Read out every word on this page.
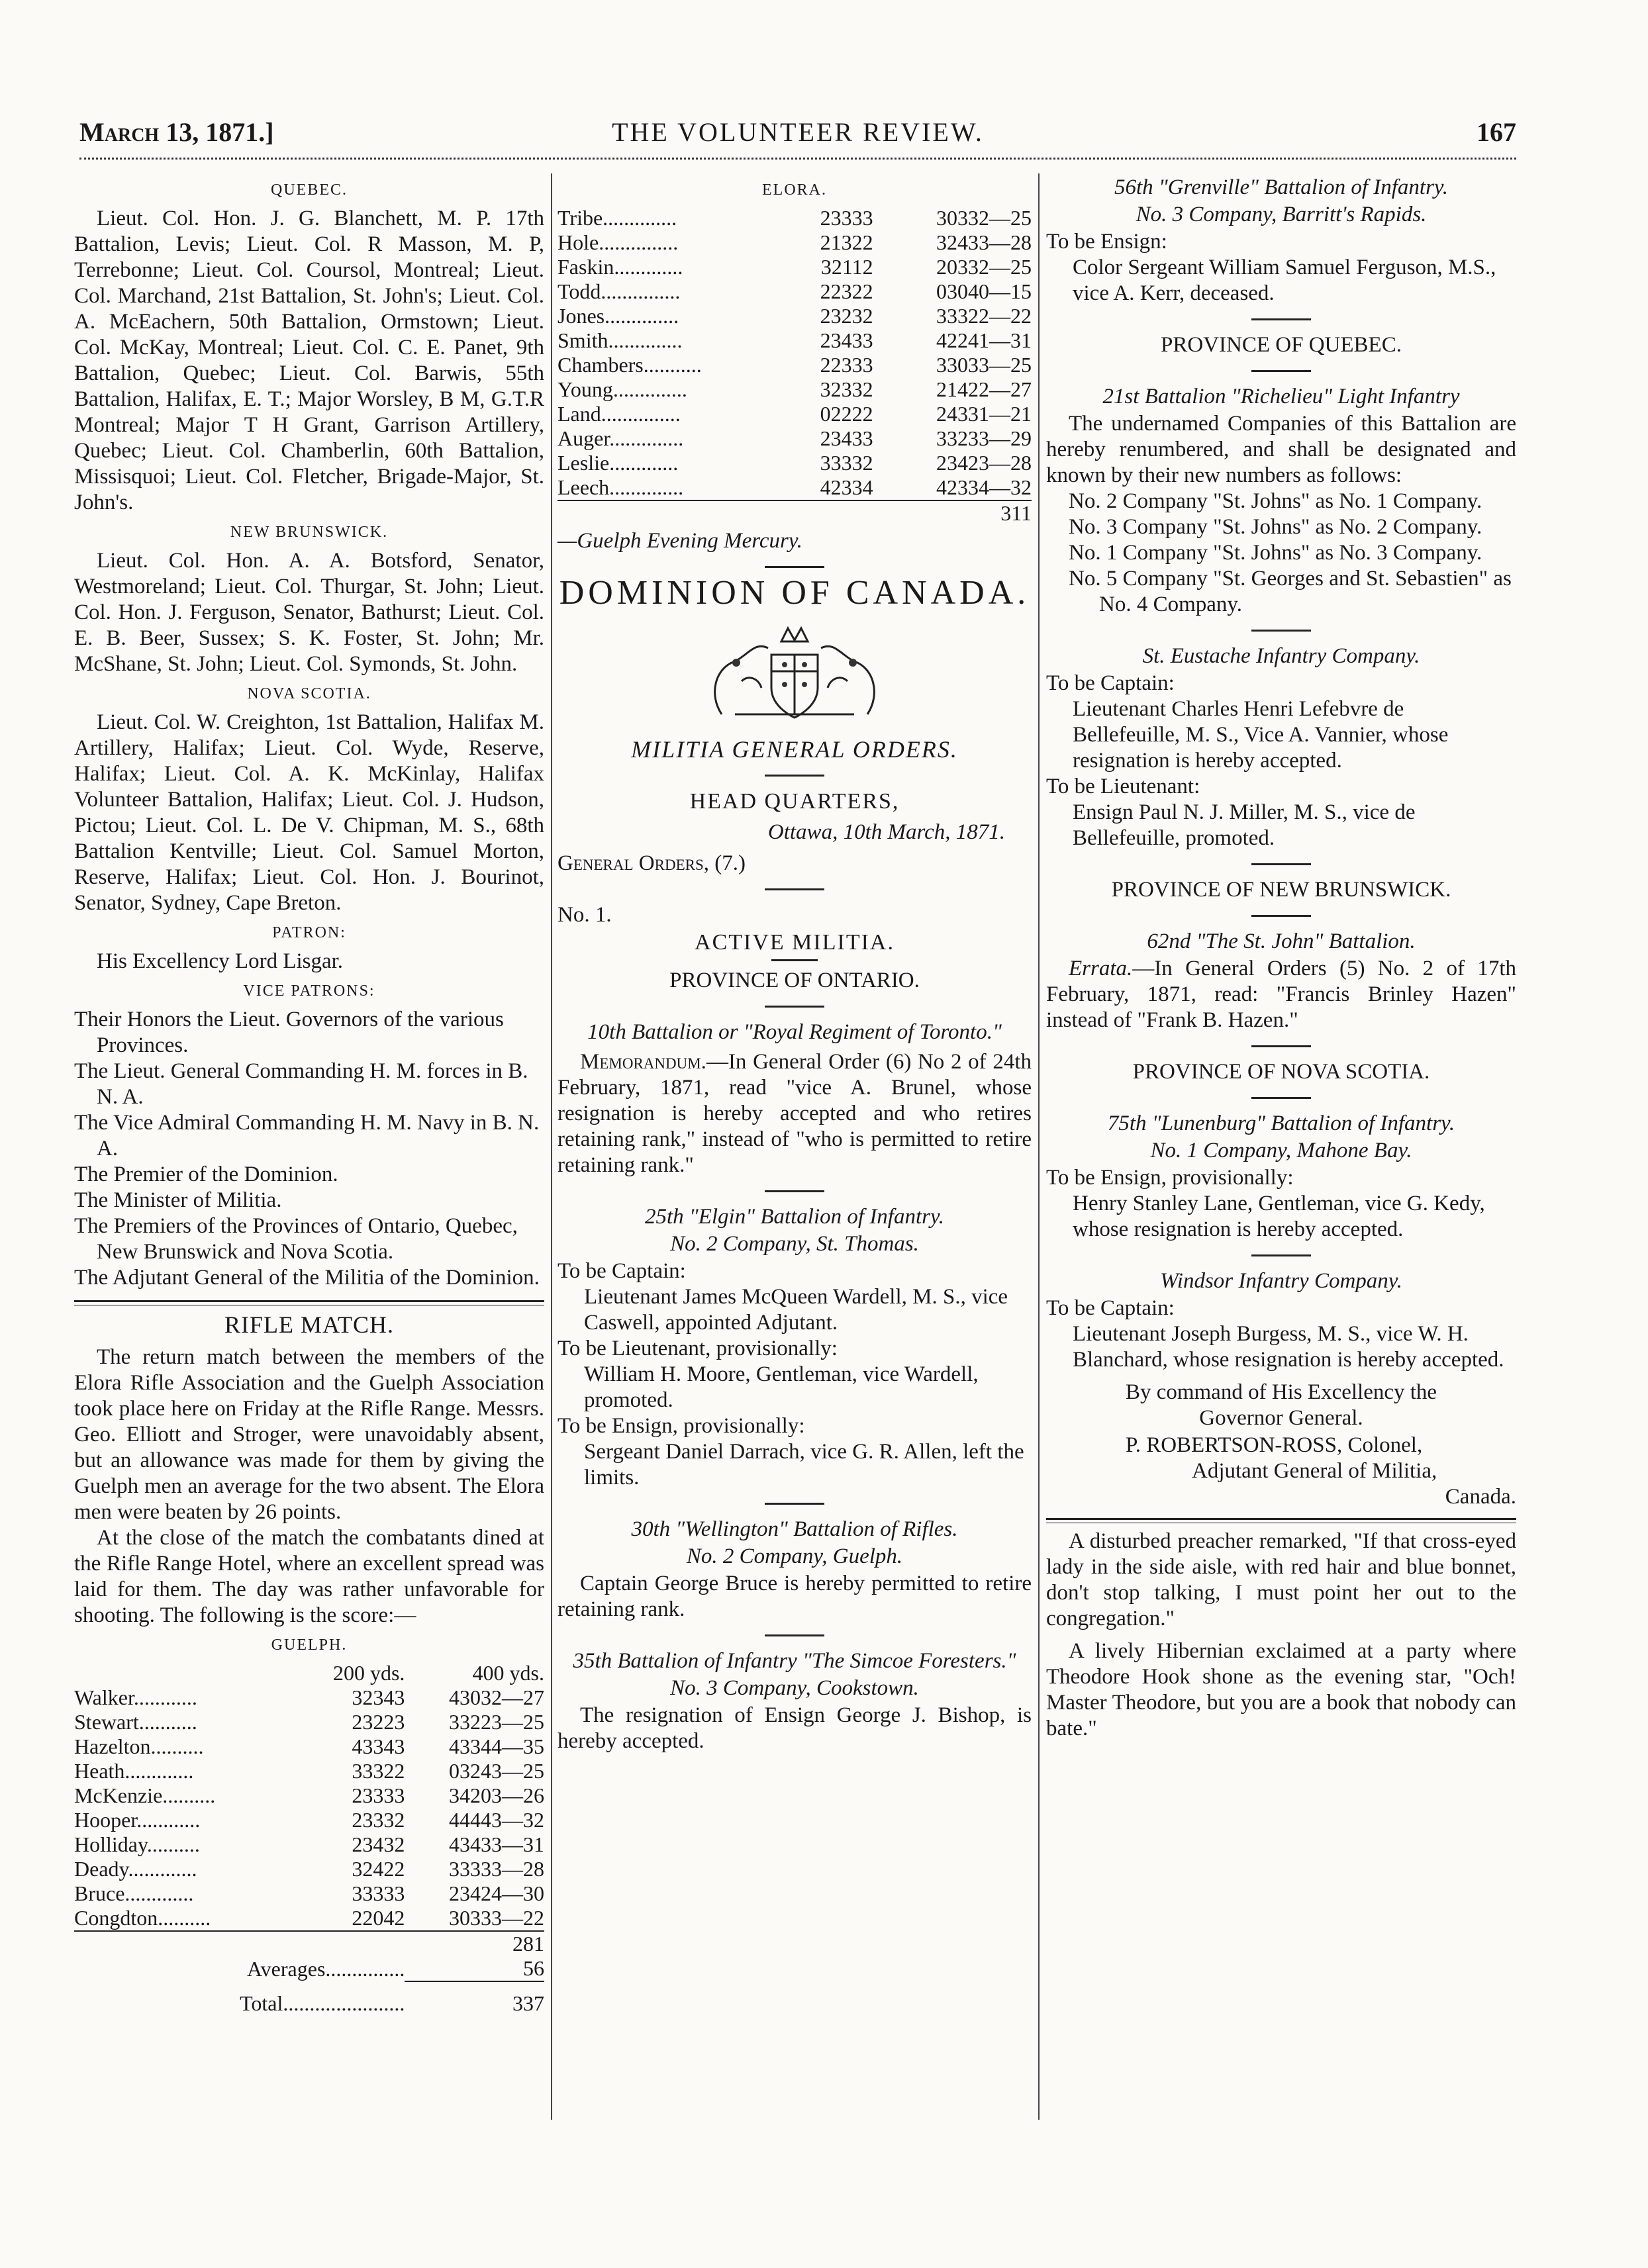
March 13, 1871.]	THE VOLUNTEER REVIEW.	167
QUEBEC.

Lieut. Col. Hon. J. G. Blanchett, M. P. 17th Battalion, Levis; Lieut. Col. R Masson, M. P, Terrebonne; Lieut. Col. Coursol, Montreal; Lieut. Col. Marchand, 21st Battalion, St. John's; Lieut. Col. A. McEachern, 50th Battalion, Ormstown; Lieut. Col. McKay, Montreal; Lieut. Col. C. E. Panet, 9th Battalion, Quebec; Lieut. Col. Barwis, 55th Battalion, Halifax, E. T.; Major Worsley, B M, G.T.R Montreal; Major T H Grant, Garrison Artillery, Quebec; Lieut. Col. Chamberlin, 60th Battalion, Missisquoi; Lieut. Col. Fletcher, Brigade-Major, St. John's.

NEW BRUNSWICK.

Lieut. Col. Hon. A. A. Botsford, Senator, Westmoreland; Lieut. Col. Thurgar, St. John; Lieut. Col. Hon. J. Ferguson, Senator, Bathurst; Lieut. Col. E. B. Beer, Sussex; S. K. Foster, St. John; Mr. McShane, St. John; Lieut. Col. Symonds, St. John.

NOVA SCOTIA.

Lieut. Col. W. Creighton, 1st Battalion, Halifax M. Artillery, Halifax; Lieut. Col. Wyde, Reserve, Halifax; Lieut. Col. A. K. McKinlay, Halifax Volunteer Battalion, Halifax; Lieut. Col. J. Hudson, Pictou; Lieut. Col. L. De V. Chipman, M. S., 68th Battalion Kentville; Lieut. Col. Samuel Morton, Reserve, Halifax; Lieut. Col. Hon. J. Bourinot, Senator, Sydney, Cape Breton.

PATRON:

His Excellency Lord Lisgar.

VICE PATRONS:

Their Honors the Lieut. Governors of the various Provinces.

The Lieut. General Commanding H. M. forces in B. N. A.

The Vice Admiral Commanding H. M. Navy in B. N. A.

The Premier of the Dominion.

The Minister of Militia.

The Premiers of the Provinces of Ontario, Quebec, New Brunswick and Nova Scotia.

The Adjutant General of the Militia of the Dominion.

RIFLE MATCH.

The return match between the members of the Elora Rifle Association and the Guelph Association took place here on Friday at the Rifle Range. Messrs. Geo. Elliott and Stroger, were unavoidably absent, but an allowance was made for them by giving the Guelph men an average for the two absent. The Elora men were beaten by 26 points.

At the close of the match the combatants dined at the Rifle Range Hotel, where an excellent spread was laid for them. The day was rather unfavorable for shooting. The following is the score:—

GUELPH.
	200 yds.	400 yds.
Walker............	32343	43032—27
Stewart...........	23223	33223—25
Hazelton..........	43343	43344—35
Heath.............	33322	03243—25
McKenzie..........	23333	34203—26
Hooper............	23332	44443—32
Holliday..........	23432	43433—31
Deady.............	32422	33333—28
Bruce.............	33333	23424—30
Congdton..........	22042	30333—22
281		
Averages...............		56
Total.......................		337
ELORA.
Tribe..............	23333	30332—25
Hole...............	21322	32433—28
Faskin.............	32112	20332—25
Todd...............	22322	03040—15
Jones..............	23232	33322—22
Smith..............	23433	42241—31
Chambers...........	22333	33033—25
Young..............	32332	21422—27
Land...............	02222	24331—21
Auger..............	23433	33233—29
Leslie.............	33332	23423—28
Leech..............	42334	42334—32
311		

—Guelph Evening Mercury.

DOMINION OF CANADA.
MILITIA GENERAL ORDERS.
HEAD QUARTERS,
Ottawa, 10th March, 1871.

General Orders, (7.)

No. 1.

ACTIVE MILITIA.
PROVINCE OF ONTARIO.

10th Battalion or "Royal Regiment of Toronto."

Memorandum.—In General Order (6) No 2 of 24th February, 1871, read "vice A. Brunel, whose resignation is hereby accepted and who retires retaining rank," instead of "who is permitted to retire retaining rank."

25th "Elgin" Battalion of Infantry.

No. 2 Company, St. Thomas.

To be Captain:

Lieutenant James McQueen Wardell, M. S., vice Caswell, appointed Adjutant.

To be Lieutenant, provisionally:

William H. Moore, Gentleman, vice Wardell, promoted.

To be Ensign, provisionally:

Sergeant Daniel Darrach, vice G. R. Allen, left the limits.

30th "Wellington" Battalion of Rifles.

No. 2 Company, Guelph.

Captain George Bruce is hereby permitted to retire retaining rank.

35th Battalion of Infantry "The Simcoe Foresters."

No. 3 Company, Cookstown.

The resignation of Ensign George J. Bishop, is hereby accepted.

56th "Grenville" Battalion of Infantry.

No. 3 Company, Barritt's Rapids.

To be Ensign:

Color Sergeant William Samuel Ferguson, M.S., vice A. Kerr, deceased.

PROVINCE OF QUEBEC.

21st Battalion "Richelieu" Light Infantry

The undernamed Companies of this Battalion are hereby renumbered, and shall be designated and known by their new numbers as follows:

No. 2 Company "St. Johns" as No. 1 Company.

No. 3 Company "St. Johns" as No. 2 Company.

No. 1 Company "St. Johns" as No. 3 Company.

No. 5 Company "St. Georges and St. Sebastien" as No. 4 Company.

St. Eustache Infantry Company.

To be Captain:

Lieutenant Charles Henri Lefebvre de Bellefeuille, M. S., Vice A. Vannier, whose resignation is hereby accepted.

To be Lieutenant:

Ensign Paul N. J. Miller, M. S., vice de Bellefeuille, promoted.

PROVINCE OF NEW BRUNSWICK.

62nd "The St. John" Battalion.

Errata.—In General Orders (5) No. 2 of 17th February, 1871, read: "Francis Brinley Hazen" instead of "Frank B. Hazen."

PROVINCE OF NOVA SCOTIA.

75th "Lunenburg" Battalion of Infantry.

No. 1 Company, Mahone Bay.

To be Ensign, provisionally:

Henry Stanley Lane, Gentleman, vice G. Kedy, whose resignation is hereby accepted.

Windsor Infantry Company.

To be Captain:

Lieutenant Joseph Burgess, M. S., vice W. H. Blanchard, whose resignation is hereby accepted.

By command of His Excellency the Governor General.

P. ROBERTSON-ROSS, Colonel,

Adjutant General of Militia,

Canada.

A disturbed preacher remarked, "If that cross-eyed lady in the side aisle, with red hair and blue bonnet, don't stop talking, I must point her out to the congregation."

A lively Hibernian exclaimed at a party where Theodore Hook shone as the evening star, "Och! Master Theodore, but you are a book that nobody can bate."
